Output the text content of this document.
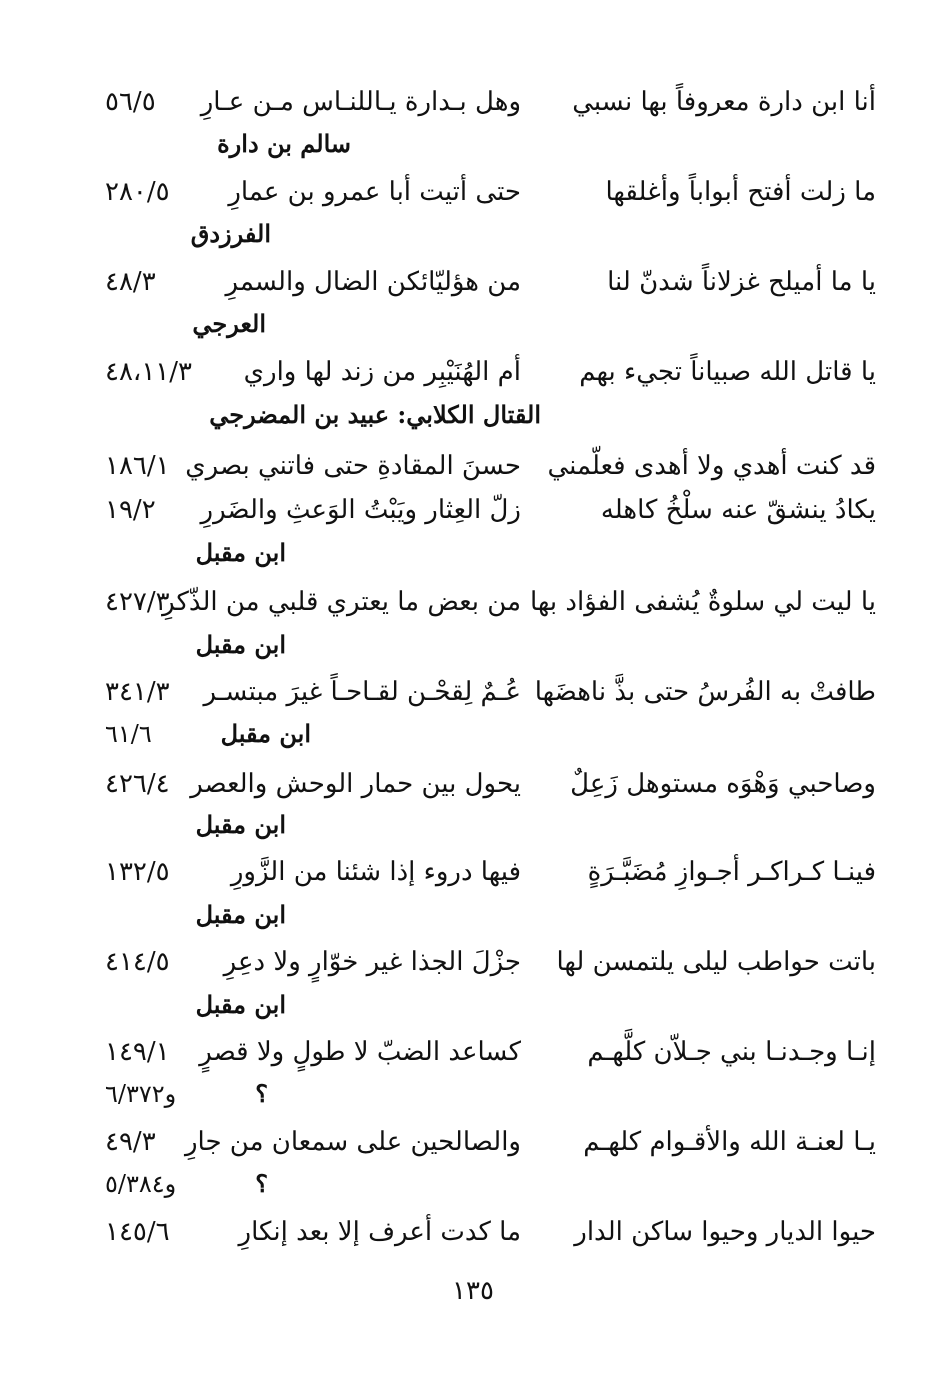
أنا ابن دارة معروفاً بها نسبي
وهل بـدارة يـاللنـاس مـن عـارِ
٥٦/٥
سالم بن دارة
ما زلت أفتح أبواباً وأغلقها
حتى أتيت أبا عمرو بن عمارِ
٢٨٠/٥
الفرزدق
يا ما أميلح غزلاناً شدنّ لنا
من هؤليّائكن الضال والسمرِ
٤٨/٣
العرجي
يا قاتل الله صبياناً تجيء بهم
أم الهُنَيْبِر من زند لها واري
٤٨،١١/٣
القتال الكلابي: عبيد بن المضرجي
قد كنت أهدي ولا أهدى فعلّمني
حسنَ المقادةِ حتى فاتني بصري
١٨٦/١
يكادُ ينشقّ عنه سلْخُ كاهله
زلّ العِثار ويَبْتُ الوَعثِ والضَررِ
١٩/٢
ابن مقبل
يا ليت لي سلوةٌ يُشفى الفؤاد بها
من بعض ما يعتري قلبي من الذّكرِ
٤٢٧/٣
ابن مقبل
طافتْ به الفُرسُ حتى بذَّ ناهضَها
عُـمٌ لِقحْـن لقـاحـاً غيرَ مبتسـر
٣٤١/٣
ابن مقبل
٦١/٦
وصاحبي وَهْوَه مستوهل زَعِلٌ
يحول بين حمار الوحش والعصر
٤٢٦/٤
ابن مقبل
فينـا كـراكـر أجـوازِ مُضَبَّـرَةٍ
فيها دروء إذا شئنا من الزَّورِ
١٣٢/٥
ابن مقبل
باتت حواطب ليلى يلتمسن لها
جزْلَ الجذا غير خوّارٍ ولا دعِرِ
٤١٤/٥
ابن مقبل
إنـا وجـدنـا بني جـلاّن كلَّهـم
كساعد الضبّ لا طولٍ ولا قصرٍ
١٤٩/١
؟
و٦/٣٧٢
يـا لعنـة الله والأقـوام كلهـم
والصالحين على سمعان من جارِ
٤٩/٣
؟
و٥/٣٨٤
حيوا الديار وحيوا ساكن الدار
ما كدت أعرف إلا بعد إنكارِ
١٤٥/٦
١٣٥
